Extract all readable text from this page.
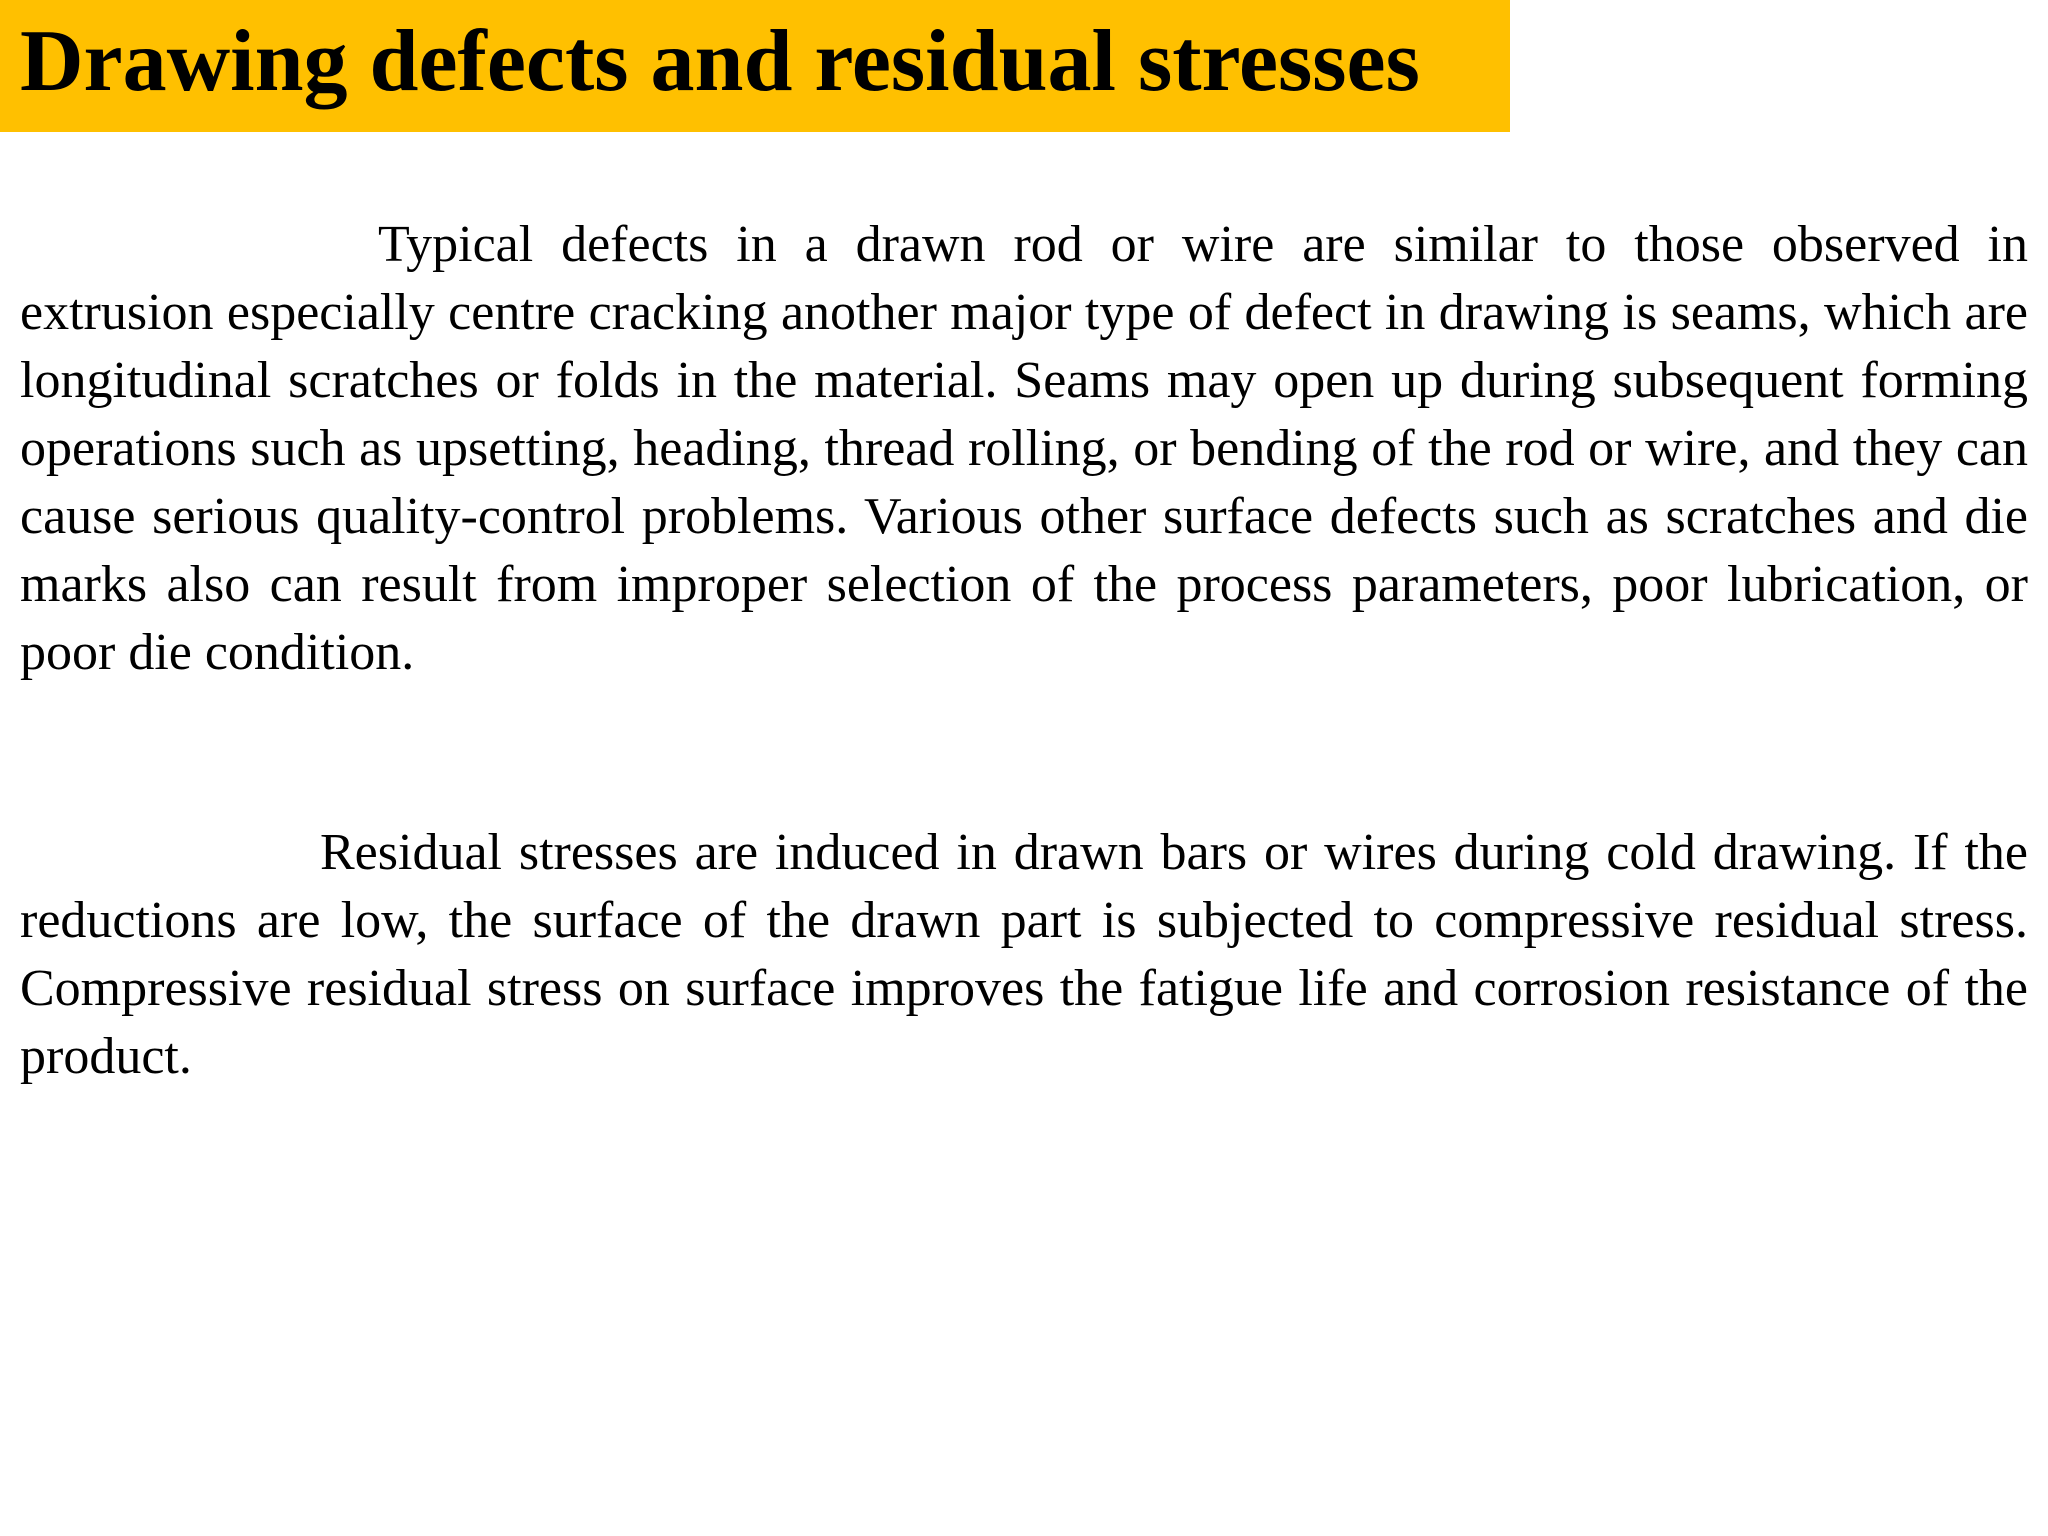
Drawing defects and residual stresses

Typical defects in a drawn rod or wire are similar to those observed in extrusion especially centre cracking another major type of defect in drawing is seams, which are longitudinal scratches or folds in the material. Seams may open up during subsequent forming operations such as upsetting, heading, thread rolling, or bending of the rod or wire, and they can cause serious quality-control problems. Various other surface defects such as scratches and die marks also can result from improper selection of the process parameters, poor lubrication, or poor die condition.

Residual stresses are induced in drawn bars or wires during cold drawing. If the reductions are low, the surface of the drawn part is subjected to compressive residual stress. Compressive residual stress on surface improves the fatigue life and corrosion resistance of the product.
